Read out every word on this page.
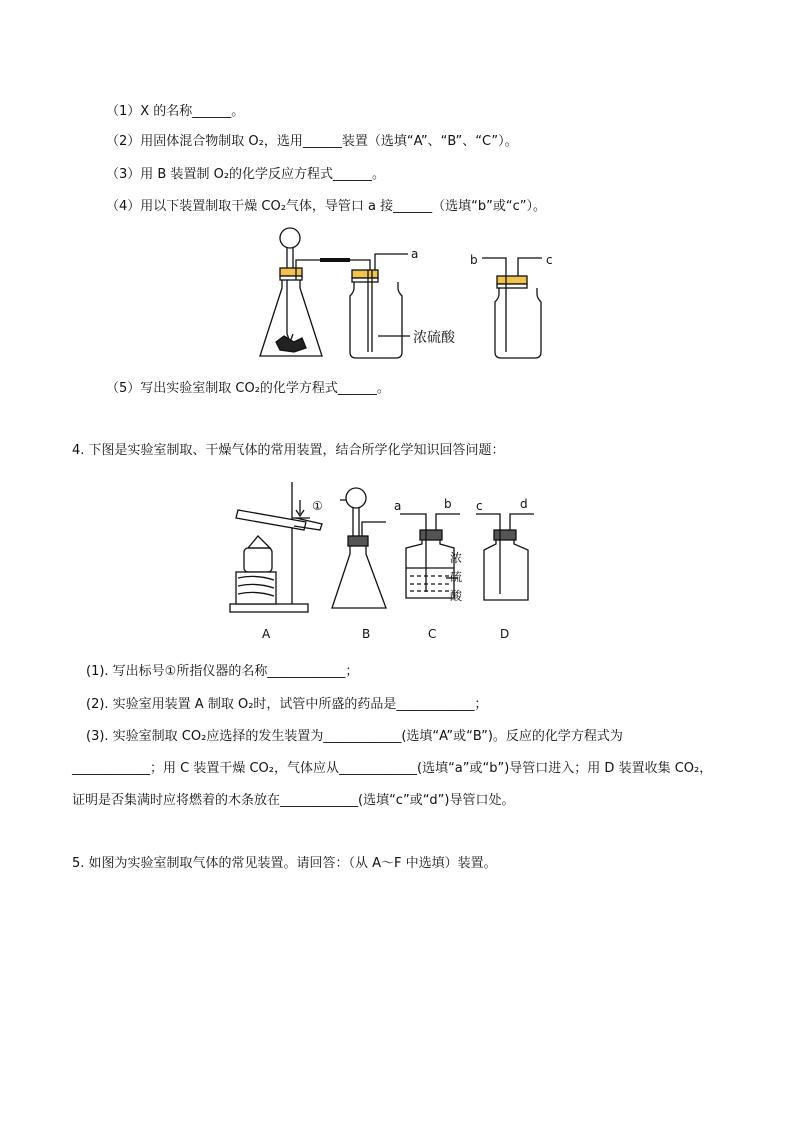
（1）X 的名称______。
（2）用固体混合物制取 O₂，选用______装置（选填“A”、“B”、“C”）。
（3）用 B 装置制 O₂的化学反应方程式______。
（4）用以下装置制取干燥 CO₂气体，导管口 a 接______（选填“b”或“c”）。
a	b	c
浓硫酸
（5）写出实验室制取 CO₂的化学方程式______。
4. 下图是实验室制取、干燥气体的常用装置，结合所学化学知识回答问题：
①	a	b c	d
浓
硫
酸
A	B	C	D
(1). 写出标号①所指仪器的名称____________；
(2). 实验室用装置 A 制取 O₂时，试管中所盛的药品是____________；
(3). 实验室制取 CO₂应选择的发生装置为____________(选填“A”或“B”)。反应的化学方程式为
____________；用 C 装置干燥 CO₂，气体应从____________(选填“a”或“b”)导管口进入；用 D 装置收集 CO₂，
证明是否集满时应将燃着的木条放在____________(选填“c”或“d”)导管口处。
5. 如图为实验室制取气体的常见装置。请回答：（从 A～F 中选填）装置。
